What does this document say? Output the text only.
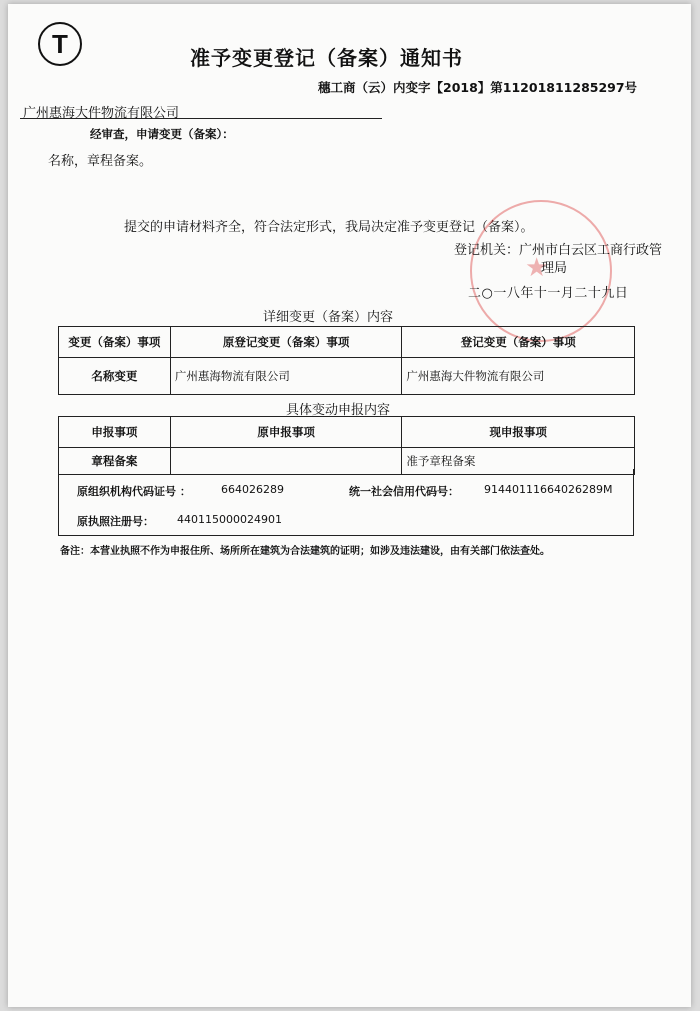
T	准予变更登记（备案）通知书
穗工商（云）内变字【2018】第11201811285297号
广州惠海大件物流有限公司
经审查，申请变更（备案）：
名称，章程备案。
提交的申请材料齐全，符合法定形式，我局决定准予变更登记（备案）。
★
登记机关：广州市白云区工商行政管
理局
二○一八年十一月二十九日
详细变更（备案）内容
变更（备案）事项	原登记变更（备案）事项	登记变更（备案）事项
名称变更	广州惠海物流有限公司	广州惠海大件物流有限公司
具体变动申报内容
申报事项	原申报事项	现申报事项
章程备案		准予章程备案
原组织机构代码证号 ：	664026289	统一社会信用代码号： 91440111664026289M
原执照注册号： 440115000024901
备注：本营业执照不作为申报住所、场所所在建筑为合法建筑的证明；如涉及违法建设，由有关部门依法查处。
